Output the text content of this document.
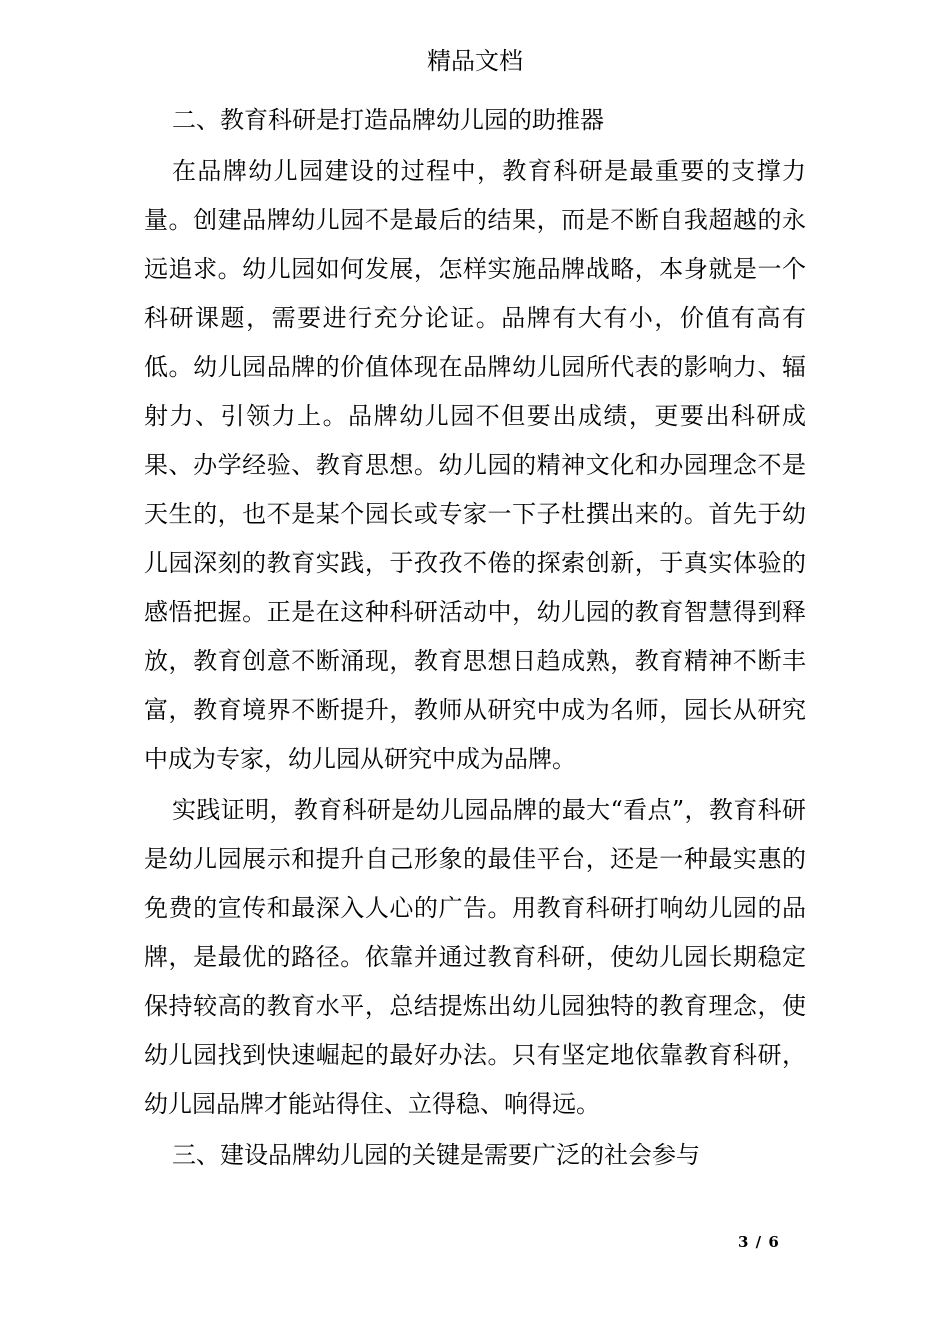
精品文档

二、教育科研是打造品牌幼儿园的助推器

在品牌幼儿园建设的过程中，教育科研是最重要的支撑力量。创建品牌幼儿园不是最后的结果，而是不断自我超越的永远追求。幼儿园如何发展，怎样实施品牌战略，本身就是一个科研课题，需要进行充分论证。品牌有大有小，价值有高有低。幼儿园品牌的价值体现在品牌幼儿园所代表的影响力、辐射力、引领力上。品牌幼儿园不但要出成绩，更要出科研成果、办学经验、教育思想。幼儿园的精神文化和办园理念不是天生的，也不是某个园长或专家一下子杜撰出来的。首先于幼儿园深刻的教育实践，于孜孜不倦的探索创新，于真实体验的感悟把握。正是在这种科研活动中，幼儿园的教育智慧得到释放，教育创意不断涌现，教育思想日趋成熟，教育精神不断丰富，教育境界不断提升，教师从研究中成为名师，园长从研究中成为专家，幼儿园从研究中成为品牌。

实践证明，教育科研是幼儿园品牌的最大“看点”，教育科研是幼儿园展示和提升自己形象的最佳平台，还是一种最实惠的免费的宣传和最深入人心的广告。用教育科研打响幼儿园的品牌，是最优的路径。依靠并通过教育科研，使幼儿园长期稳定保持较高的教育水平，总结提炼出幼儿园独特的教育理念，使幼儿园找到快速崛起的最好办法。只有坚定地依靠教育科研，幼儿园品牌才能站得住、立得稳、响得远。

三、建设品牌幼儿园的关键是需要广泛的社会参与

3 / 6
